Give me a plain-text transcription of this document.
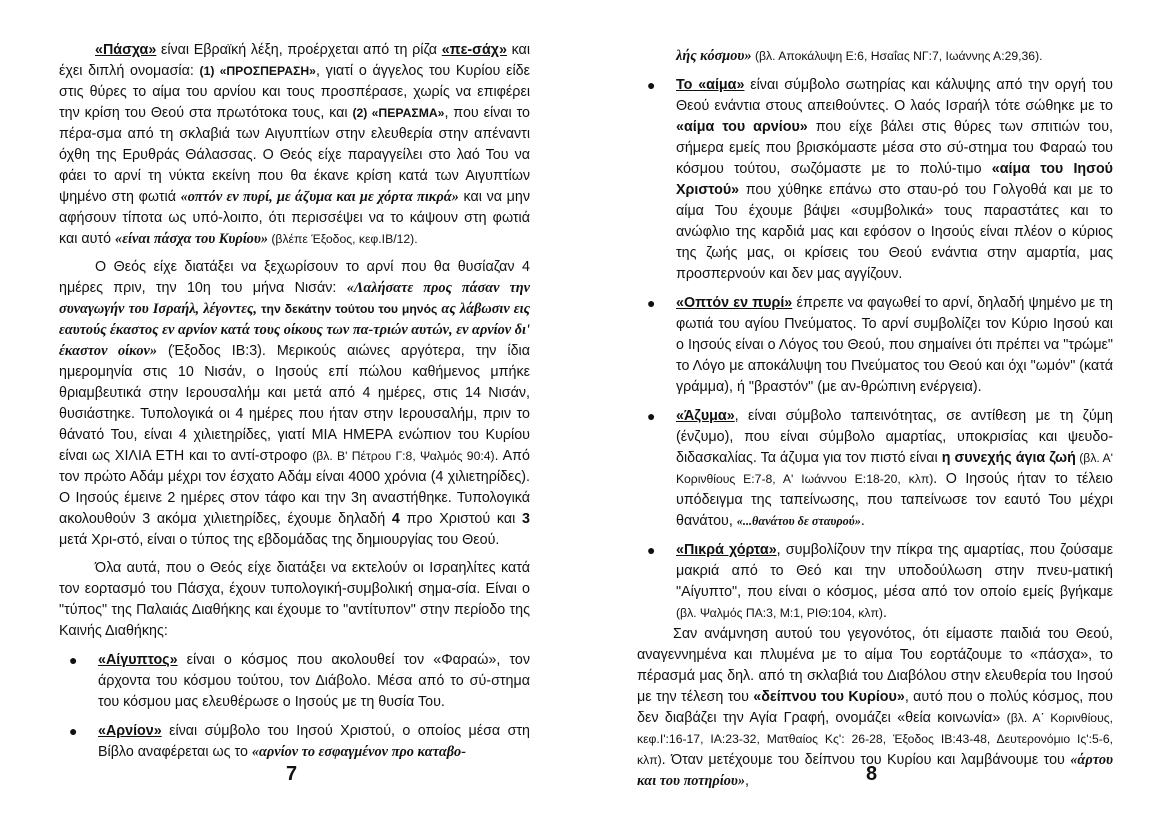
«Πάσχα» είναι Εβραϊκή λέξη, προέρχεται από τη ρίζα «πε-σάχ» και έχει διπλή ονομασία: (1) «ΠΡΟΣΠΕΡΑΣΗ», γιατί ο άγγελος του Κυρίου είδε στις θύρες το αίμα του αρνίου και τους προσπέρασε, χωρίς να επιφέρει την κρίση του Θεού στα πρωτότοκα τους, και (2) «ΠΕΡΑΣΜΑ», που είναι το πέρα-σμα από τη σκλαβιά των Αιγυπτίων στην ελευθερία στην απέναντι όχθη της Ερυθράς Θάλασσας. Ο Θεός είχε παραγγείλει στο λαό Του να φάει το αρνί τη νύκτα εκείνη που θα έκανε κρίση κατά των Αιγυπτίων ψημένο στη φωτιά «οπτόν εν πυρί, με άζυμα και με χόρτα πικρά» και να μην αφήσουν τίποτα ως υπό-λοιπο, ότι περισσέψει να το κάψουν στη φωτιά και αυτό «είναι πάσχα του Κυρίου» (βλέπε Έξοδος, κεφ.ΙΒ/12).

Ο Θεός είχε διατάξει να ξεχωρίσουν το αρνί που θα θυσίαζαν 4 ημέρες πριν, την 10η του μήνα Νισάν: «Λαλήσατε προς πάσαν την συναγωγήν του Ισραήλ, λέγοντες, την δεκάτην τούτου του μηνός ας λάβωσιν εις εαυτούς έκαστος εν αρνίον κατά τους οίκους των πα-τριών αυτών, εν αρνίον δι' έκαστον οίκον» (Έξοδος ΙΒ:3). Μερικούς αιώνες αργότερα, την ίδια ημερομηνία στις 10 Νισάν, ο Ιησούς επί πώλου καθήμενος μπήκε θριαμβευτικά στην Ιερουσαλήμ και μετά από 4 ημέρες, στις 14 Νισάν, θυσιάστηκε. Τυπολογικά οι 4 ημέρες που ήταν στην Ιερουσαλήμ, πριν το θάνατό Του, είναι 4 χιλιετηρίδες, γιατί ΜΙΑ ΗΜΕΡΑ ενώπιον του Κυρίου είναι ως ΧΙΛΙΑ ΕΤΗ και το αντί-στροφο (βλ. Β' Πέτρου Γ:8, Ψαλμός 90:4). Από τον πρώτο Αδάμ μέχρι τον έσχατο Αδάμ είναι 4000 χρόνια (4 χιλιετηρίδες). Ο Ιησούς έμεινε 2 ημέρες στον τάφο και την 3η αναστήθηκε. Τυπολογικά ακολουθούν 3 ακόμα χιλιετηρίδες, έχουμε δηλαδή 4 προ Χριστού και 3 μετά Χρι-στό, είναι ο τύπος της εβδομάδας της δημιουργίας του Θεού.

Όλα αυτά, που ο Θεός είχε διατάξει να εκτελούν οι Ισραηλίτες κατά τον εορτασμό του Πάσχα, έχουν τυπολογική-συμβολική σημα-σία. Είναι ο "τύπος" της Παλαιάς Διαθήκης και έχουμε το "αντίτυπον" στην περίοδο της Καινής Διαθήκης:

● «Αίγυπτος» είναι ο κόσμος που ακολουθεί τον «Φαραώ», τον άρχοντα του κόσμου τούτου, τον Διάβολο. Μέσα από το σύ-στημα του κόσμου μας ελευθέρωσε ο Ιησούς με τη θυσία Του.
● «Αρνίον» είναι σύμβολο του Ιησού Χριστού, ο οποίος μέσα στη Βίβλο αναφέρεται ως το «αρνίον το εσφαγμένον προ καταβο-
7

λής κόσμου» (βλ. Αποκάλυψη Ε:6, Ησαΐας ΝΓ:7, Ιωάννης Α:29,36).

● Το «αίμα» είναι σύμβολο σωτηρίας και κάλυψης από την οργή του Θεού ενάντια στους απειθούντες. Ο λαός Ισραήλ τότε σώθηκε με το «αίμα του αρνίου» που είχε βάλει στις θύρες των σπιτιών του, σήμερα εμείς που βρισκόμαστε μέσα στο σύ-στημα του Φαραώ του κόσμου τούτου, σωζόμαστε με το πολύ-τιμο «αίμα του Ιησού Χριστού» που χύθηκε επάνω στο σταυ-ρό του Γολγοθά και με το αίμα Του έχουμε βάψει «συμβολικά» τους παραστάτες και το ανώφλιο της καρδιά μας και εφόσον ο Ιησούς είναι πλέον ο κύριος της ζωής μας, οι κρίσεις του Θεού ενάντια στην αμαρτία, μας προσπερνούν και δεν μας αγγίζουν.
● «Οπτόν εν πυρί» έπρεπε να φαγωθεί το αρνί, δηλαδή ψημένο με τη φωτιά του αγίου Πνεύματος. Το αρνί συμβολίζει τον Κύριο Ιησού και ο Ιησούς είναι ο Λόγος του Θεού, που σημαίνει ότι πρέπει να "τρώμε" το Λόγο με αποκάλυψη του Πνεύματος του Θεού και όχι "ωμόν" (κατά γράμμα), ή "βραστόν" (με αν-θρώπινη ενέργεια).
● «Άζυμα», είναι σύμβολο ταπεινότητας, σε αντίθεση με τη ζύμη (ένζυμο), που είναι σύμβολο αμαρτίας, υποκρισίας και ψευδο-διδασκαλίας. Τα άζυμα για τον πιστό είναι η συνεχής άγια ζωή (βλ. Α' Κορινθίους Ε:7-8, Α' Ιωάννου Ε:18-20, κλπ). Ο Ιησούς ήταν το τέλειο υπόδειγμα της ταπείνωσης, που ταπείνωσε τον εαυτό Του μέχρι θανάτου, «...θανάτου δε σταυρού».
● «Πικρά χόρτα», συμβολίζουν την πίκρα της αμαρτίας, που ζούσαμε μακριά από το Θεό και την υποδούλωση στην πνευ-ματική "Αίγυπτο", που είναι ο κόσμος, μέσα από τον οποίο εμείς βγήκαμε (βλ. Ψαλμός ΠΑ:3, Μ:1, ΡΙΘ:104, κλπ).

Σαν ανάμνηση αυτού του γεγονότος, ότι είμαστε παιδιά του Θεού, αναγεννημένα και πλυμένα με το αίμα Του εορτάζουμε το «πάσχα», το πέρασμά μας δηλ. από τη σκλαβιά του Διαβόλου στην ελευθερία του Ιησού με την τέλεση του «δείπνου του Κυρίου», αυτό που ο πολύς κόσμος, που δεν διαβάζει την Αγία Γραφή, ονομάζει «θεία κοινωνία» (βλ. Α΄ Κορινθίους, κεφ.Ι':16-17, ΙΑ:23-32, Ματθαίος Κς': 26-28, Έξοδος ΙΒ:43-48, Δευτερονόμιο Ις':5-6, κλπ). Όταν μετέχουμε του δείπνου του Κυρίου και λαμβάνουμε του «άρτου και του ποτηρίου»,	8
